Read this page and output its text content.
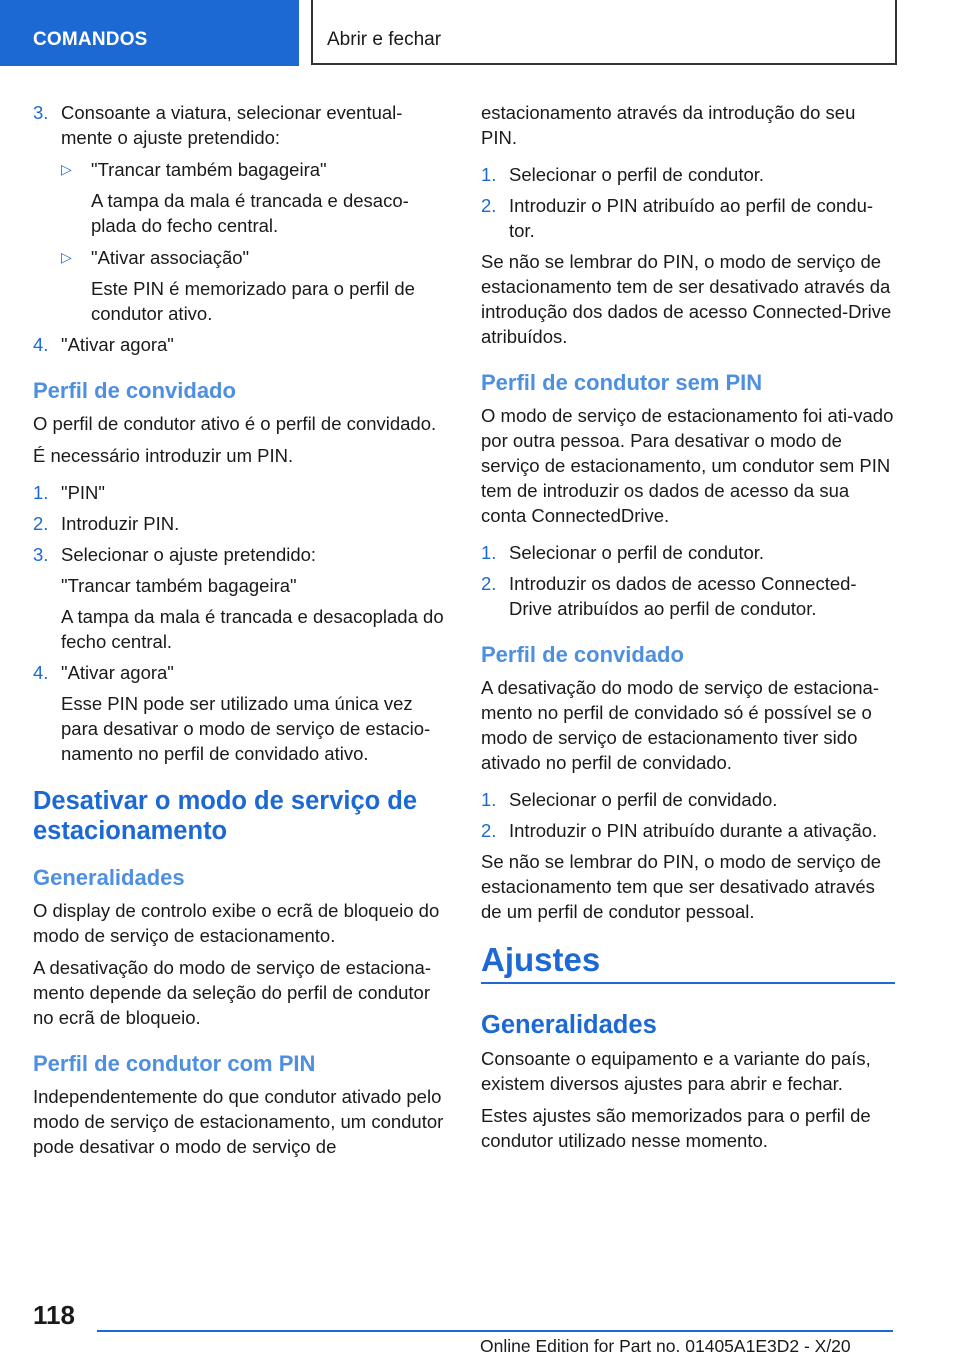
COMANDOS	Abrir e fechar
3. Consoante a viatura, selecionar eventual-mente o ajuste pretendido:
▷ "Trancar também bagageira"
A tampa da mala é trancada e desaco-plada do fecho central.
▷ "Ativar associação"
Este PIN é memorizado para o perfil de condutor ativo.
4. "Ativar agora"
Perfil de convidado

O perfil de condutor ativo é o perfil de convidado.

É necessário introduzir um PIN.

1. "PIN"
2. Introduzir PIN.
3. Selecionar o ajuste pretendido:
"Trancar também bagageira"
A tampa da mala é trancada e desacoplada do fecho central.
4. "Ativar agora"
Esse PIN pode ser utilizado uma única vez para desativar o modo de serviço de estacio-namento no perfil de convidado ativo.
Desativar o modo de serviço de estacionamento
Generalidades

O display de controlo exibe o ecrã de bloqueio do modo de serviço de estacionamento.

A desativação do modo de serviço de estaciona-mento depende da seleção do perfil de condutor no ecrã de bloqueio.

Perfil de condutor com PIN

Independentemente do que condutor ativado pelo modo de serviço de estacionamento, um condutor pode desativar o modo de serviço de

estacionamento através da introdução do seu PIN.

1. Selecionar o perfil de condutor.
2. Introduzir o PIN atribuído ao perfil de condu-tor.

Se não se lembrar do PIN, o modo de serviço de estacionamento tem de ser desativado através da introdução dos dados de acesso Connected-Drive atribuídos.

Perfil de condutor sem PIN

O modo de serviço de estacionamento foi ati-vado por outra pessoa. Para desativar o modo de serviço de estacionamento, um condutor sem PIN tem de introduzir os dados de acesso da sua conta ConnectedDrive.

1. Selecionar o perfil de condutor.
2. Introduzir os dados de acesso Connected-Drive atribuídos ao perfil de condutor.
Perfil de convidado

A desativação do modo de serviço de estaciona-mento no perfil de convidado só é possível se o modo de serviço de estacionamento tiver sido ativado no perfil de convidado.

1. Selecionar o perfil de convidado.
2. Introduzir o PIN atribuído durante a ativação.

Se não se lembrar do PIN, o modo de serviço de estacionamento tem que ser desativado através de um perfil de condutor pessoal.

Ajustes
Generalidades

Consoante o equipamento e a variante do país, existem diversos ajustes para abrir e fechar.

Estes ajustes são memorizados para o perfil de condutor utilizado nesse momento.

118
Online Edition for Part no. 01405A1E3D2 - X/20
